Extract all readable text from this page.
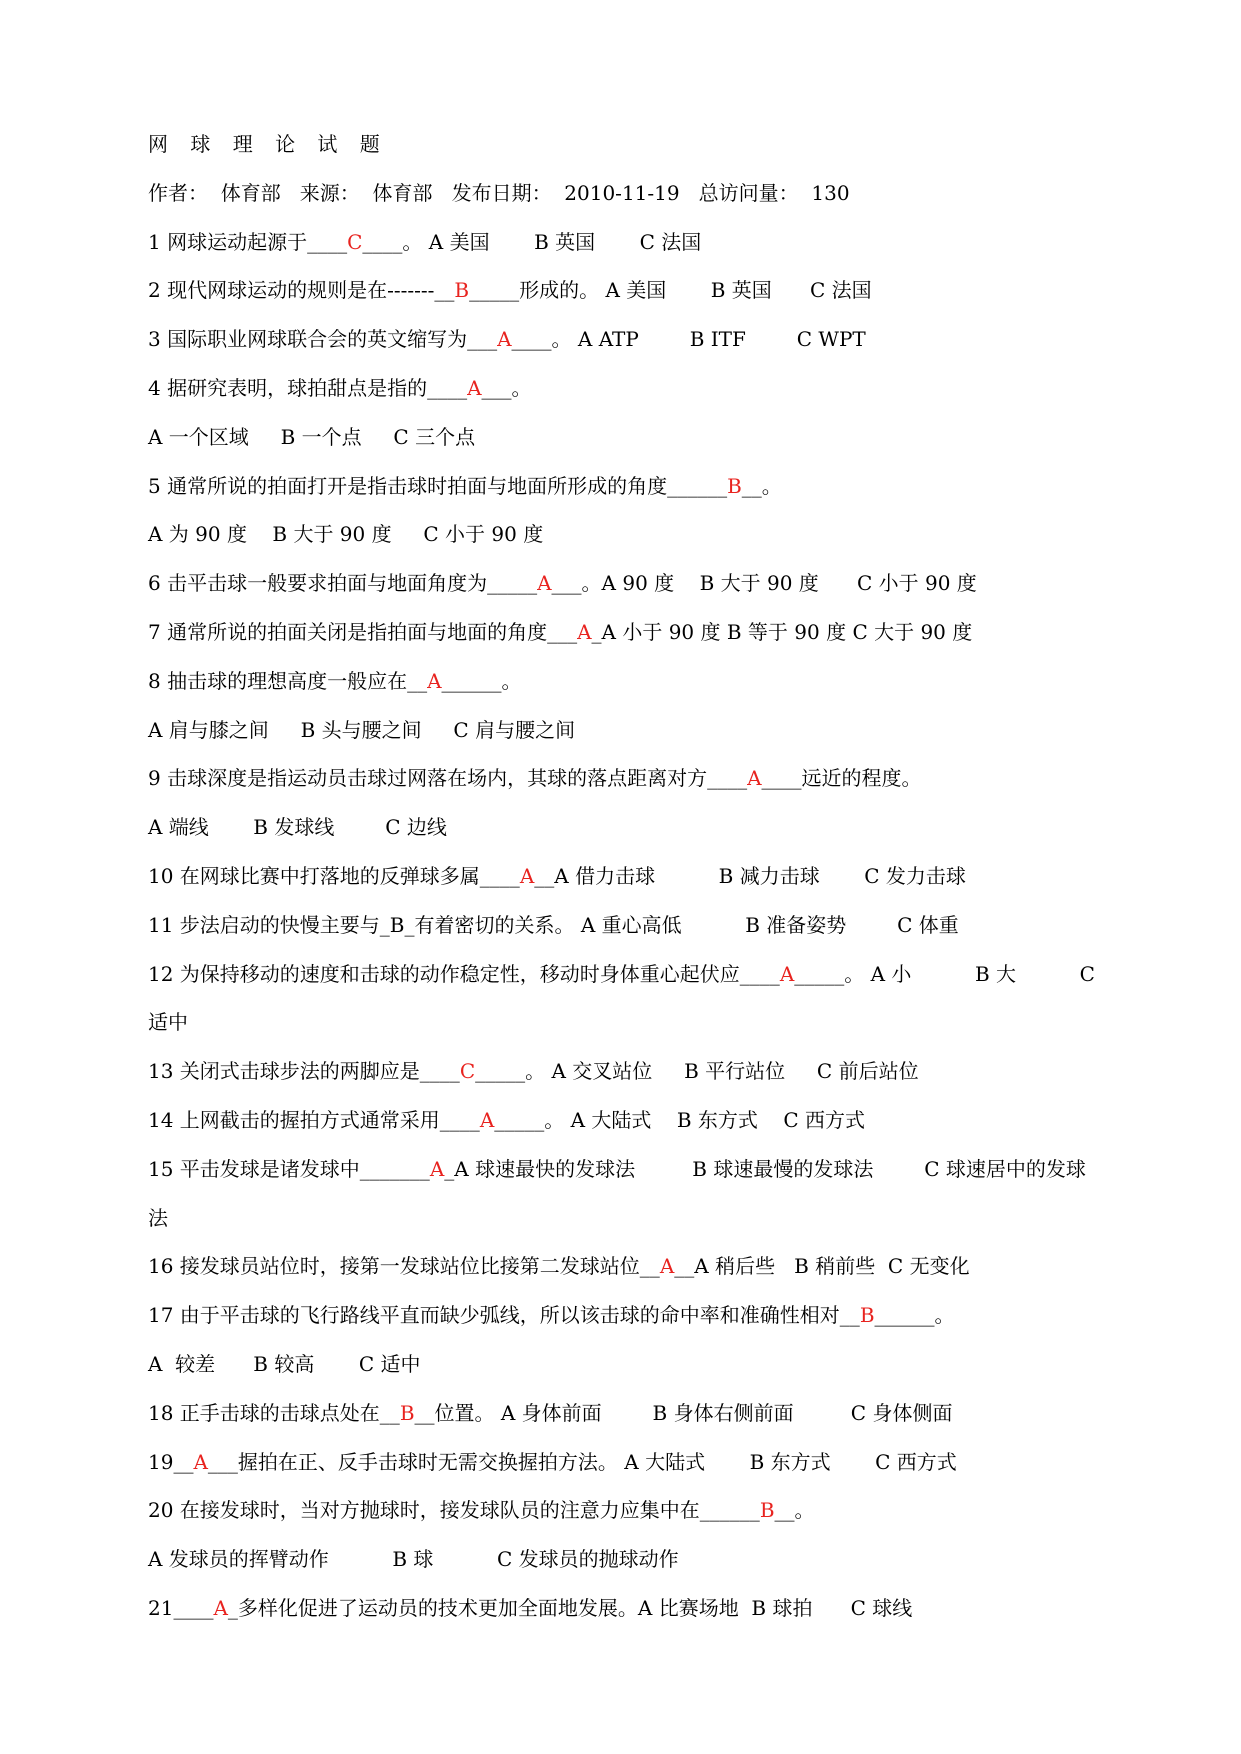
网 球 理 论 试 题
作者：  体育部   来源：  体育部   发布日期：  2010-11-19   总访问量：  130
1 网球运动起源于____C____。 A 美国       B 英国       C 法国
2 现代网球运动的规则是在-------__B_____形成的。 A 美国       B 英国      C 法国
3 国际职业网球联合会的英文缩写为___A____。 A ATP        B ITF        C WPT
4 据研究表明，球拍甜点是指的____A___。
A 一个区域     B 一个点     C 三个点
5 通常所说的拍面打开是指击球时拍面与地面所形成的角度______B__。
A 为 90 度    B 大于 90 度     C 小于 90 度
6 击平击球一般要求拍面与地面角度为_____A___。A 90 度    B 大于 90 度      C 小于 90 度
7 通常所说的拍面关闭是指拍面与地面的角度___A_A 小于 90 度 B 等于 90 度 C 大于 90 度
8 抽击球的理想高度一般应在__A______。
A 肩与膝之间     B 头与腰之间     C 肩与腰之间
9 击球深度是指运动员击球过网落在场内，其球的落点距离对方____A____远近的程度。
A 端线       B 发球线        C 边线
10 在网球比赛中打落地的反弹球多属____A__A 借力击球          B 减力击球       C 发力击球
11 步法启动的快慢主要与_B_有着密切的关系。 A 重心高低          B 准备姿势        C 体重
12 为保持移动的速度和击球的动作稳定性，移动时身体重心起伏应____A_____。 A 小          B 大          C
适中
13 关闭式击球步法的两脚应是____C_____。 A 交叉站位     B 平行站位     C 前后站位
14 上网截击的握拍方式通常采用____A_____。 A 大陆式    B 东方式    C 西方式
15 平击发球是诸发球中_______A_A 球速最快的发球法         B 球速最慢的发球法        C 球速居中的发球
法
16 接发球员站位时，接第一发球站位比接第二发球站位__A__A 稍后些   B 稍前些  C 无变化
17 由于平击球的飞行路线平直而缺少弧线，所以该击球的命中率和准确性相对__B______。
A  较差      B 较高       C 适中
18 正手击球的击球点处在__B__位置。 A 身体前面        B 身体右侧前面         C 身体侧面
19__A___握拍在正、反手击球时无需交换握拍方法。 A 大陆式       B 东方式       C 西方式
20 在接发球时，当对方抛球时，接发球队员的注意力应集中在______B__。
A 发球员的挥臂动作          B 球          C 发球员的抛球动作
21____A_多样化促进了运动员的技术更加全面地发展。A 比赛场地  B 球拍      C 球线
